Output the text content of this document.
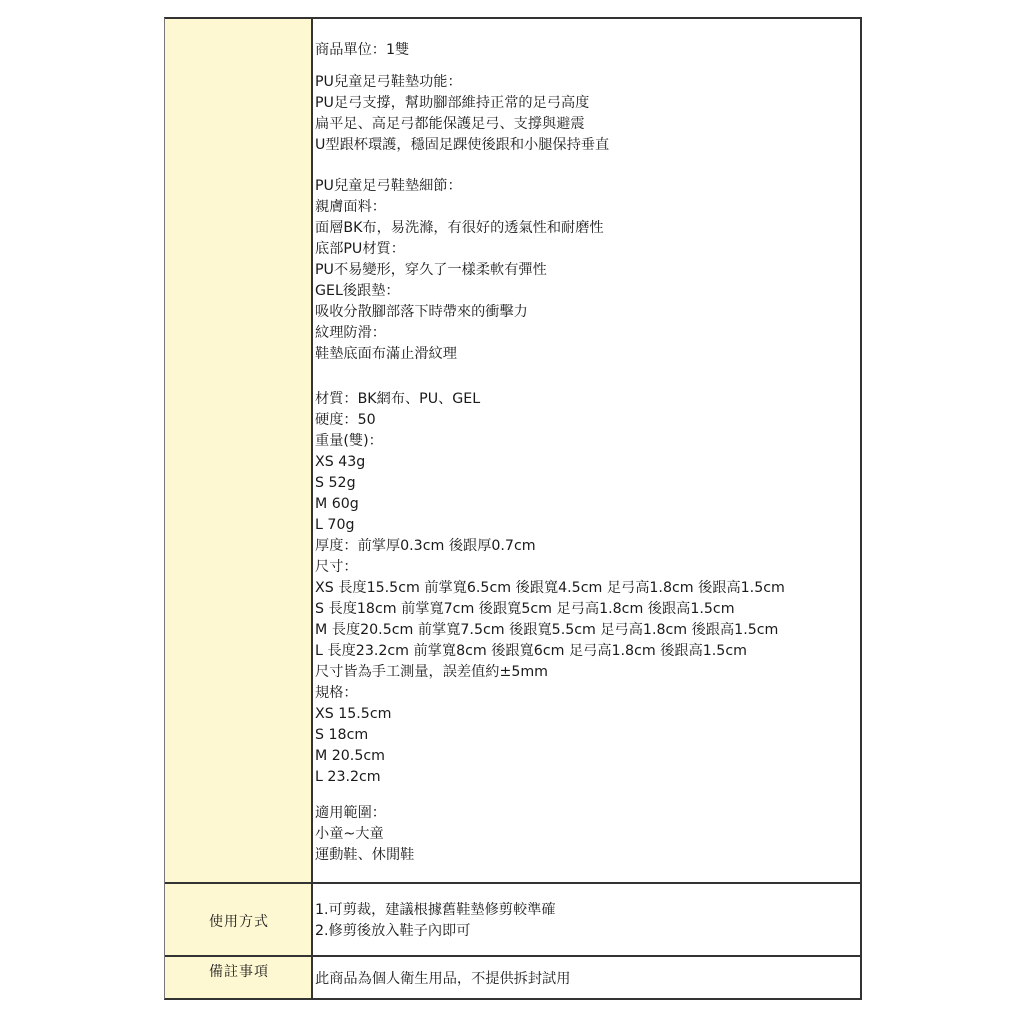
商品單位：1雙
PU兒童足弓鞋墊功能：
PU足弓支撐，幫助腳部維持正常的足弓高度
扁平足、高足弓都能保護足弓、支撐與避震
U型跟杯環護，穩固足踝使後跟和小腿保持垂直
PU兒童足弓鞋墊細節：
親膚面料：
面層BK布，易洗滌，有很好的透氣性和耐磨性
底部PU材質：
PU不易變形，穿久了一樣柔軟有彈性
GEL後跟墊：
吸收分散腳部落下時帶來的衝擊力
紋理防滑：
鞋墊底面布滿止滑紋理
材質：BK網布、PU、GEL
硬度：50
重量(雙)：
XS 43g
S 52g
M 60g
L 70g
厚度：前掌厚0.3cm 後跟厚0.7cm
尺寸：
XS 長度15.5cm 前掌寬6.5cm 後跟寬4.5cm 足弓高1.8cm 後跟高1.5cm
S 長度18cm 前掌寬7cm 後跟寬5cm 足弓高1.8cm 後跟高1.5cm
M 長度20.5cm 前掌寬7.5cm 後跟寬5.5cm 足弓高1.8cm 後跟高1.5cm
L 長度23.2cm 前掌寬8cm 後跟寬6cm 足弓高1.8cm 後跟高1.5cm
尺寸皆為手工測量，誤差值約±5mm
規格：
XS 15.5cm
S 18cm
M 20.5cm
L 23.2cm
適用範圍：
小童~大童
運動鞋、休閒鞋
使用方式
1.可剪裁，建議根據舊鞋墊修剪較準確
2.修剪後放入鞋子內即可
備註事項	此商品為個人衛生用品，不提供拆封試用
